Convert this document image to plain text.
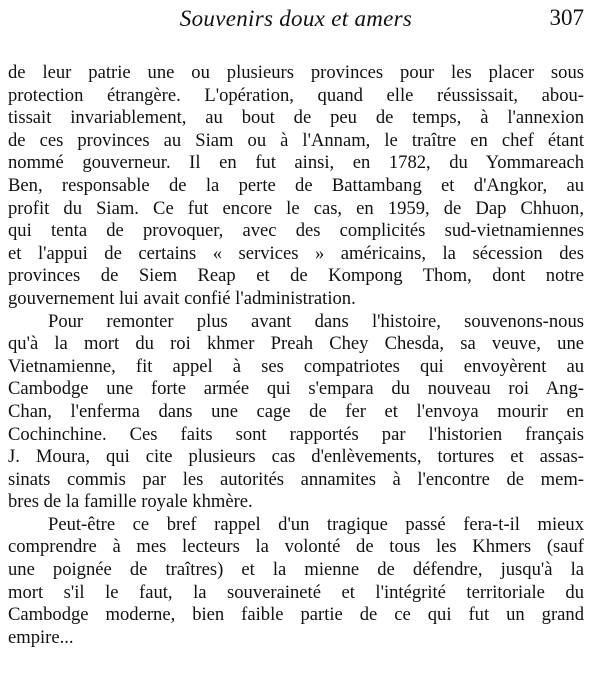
Souvenirs doux et amers	307
de leur patrie une ou plusieurs provinces pour les placer sous
protection étrangère. L'opération, quand elle réussissait, abou-
tissait invariablement, au bout de peu de temps, à l'annexion
de ces provinces au Siam ou à l'Annam, le traître en chef étant
nommé gouverneur. Il en fut ainsi, en 1782, du Yommareach
Ben, responsable de la perte de Battambang et d'Angkor, au
profit du Siam. Ce fut encore le cas, en 1959, de Dap Chhuon,
qui tenta de provoquer, avec des complicités sud-vietnamiennes
et l'appui de certains « services » américains, la sécession des
provinces de Siem Reap et de Kompong Thom, dont notre
gouvernement lui avait confié l'administration.
Pour remonter plus avant dans l'histoire, souvenons-nous
qu'à la mort du roi khmer Preah Chey Chesda, sa veuve, une
Vietnamienne, fit appel à ses compatriotes qui envoyèrent au
Cambodge une forte armée qui s'empara du nouveau roi Ang-
Chan, l'enferma dans une cage de fer et l'envoya mourir en
Cochinchine. Ces faits sont rapportés par l'historien français
J. Moura, qui cite plusieurs cas d'enlèvements, tortures et assas-
sinats commis par les autorités annamites à l'encontre de mem-
bres de la famille royale khmère.
Peut-être ce bref rappel d'un tragique passé fera-t-il mieux
comprendre à mes lecteurs la volonté de tous les Khmers (sauf
une poignée de traîtres) et la mienne de défendre, jusqu'à la
mort s'il le faut, la souveraineté et l'intégrité territoriale du
Cambodge moderne, bien faible partie de ce qui fut un grand
empire...
